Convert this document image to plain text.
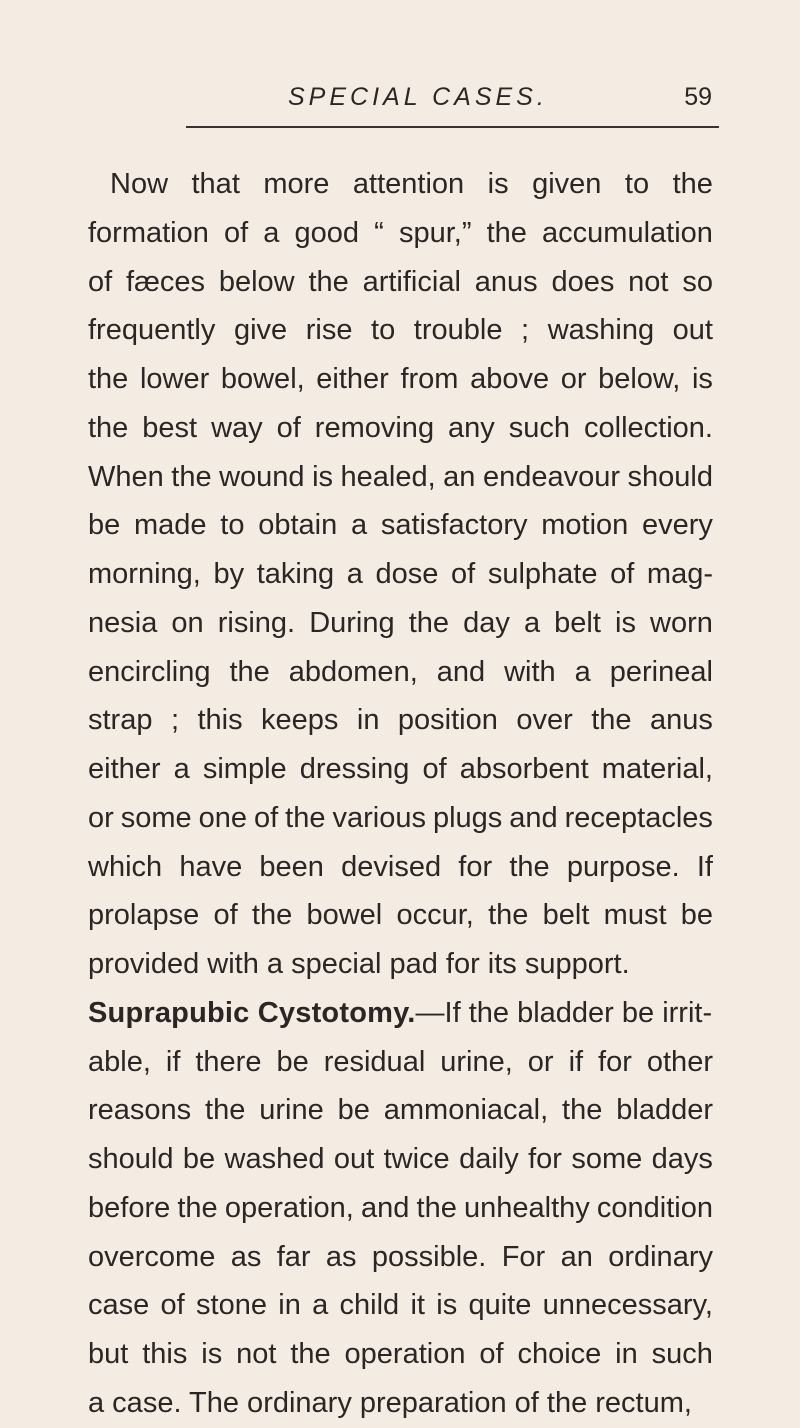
SPECIAL CASES.	59
Now that more attention is given to the
formation of a good “ spur,” the accumulation
of fæces below the artificial anus does not so
frequently give rise to trouble ; washing out
the lower bowel, either from above or below, is
the best way of removing any such collection.
When the wound is healed, an endeavour should
be made to obtain a satisfactory motion every
morning, by taking a dose of sulphate of mag-
nesia on rising. During the day a belt is worn
encircling the abdomen, and with a perineal
strap ; this keeps in position over the anus
either a simple dressing of absorbent material,
or some one of the various plugs and receptacles
which have been devised for the purpose. If
prolapse of the bowel occur, the belt must be
provided with a special pad for its support.
Suprapubic Cystotomy. —If the bladder be irrit-
able, if there be residual urine, or if for other
reasons the urine be ammoniacal, the bladder
should be washed out twice daily for some days
before the operation, and the unhealthy condition
overcome as far as possible. For an ordinary
case of stone in a child it is quite unnecessary,
but this is not the operation of choice in such
a case. The ordinary preparation of the rectum,
